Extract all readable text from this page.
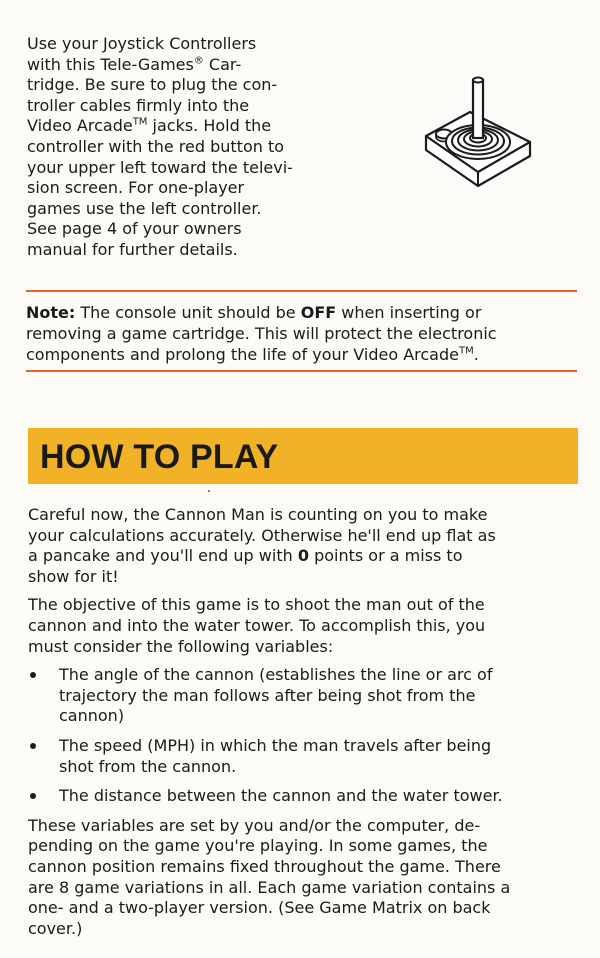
Use your Joystick Controllers
with this Tele-Games® Car-
tridge. Be sure to plug the con-
troller cables firmly into the
Video Arcade™ jacks. Hold the
controller with the red button to
your upper left toward the televi-
sion screen. For one-player
games use the left controller.
See page 4 of your owners
manual for further details.

Note: The console unit should be OFF when inserting or
removing a game cartridge. This will protect the electronic
components and prolong the life of your Video Arcade™.

HOW TO PLAY

Careful now, the Cannon Man is counting on you to make
your calculations accurately. Otherwise he'll end up flat as
a pancake and you'll end up with 0 points or a miss to
show for it!

The objective of this game is to shoot the man out of the
cannon and into the water tower. To accomplish this, you
must consider the following variables:

The angle of the cannon (establishes the line or arc of
trajectory the man follows after being shot from the
cannon)
The speed (MPH) in which the man travels after being
shot from the cannon.
The distance between the cannon and the water tower.

These variables are set by you and/or the computer, de-
pending on the game you're playing. In some games, the
cannon position remains fixed throughout the game. There
are 8 game variations in all. Each game variation contains a
one- and a two-player version. (See Game Matrix on back
cover.)
